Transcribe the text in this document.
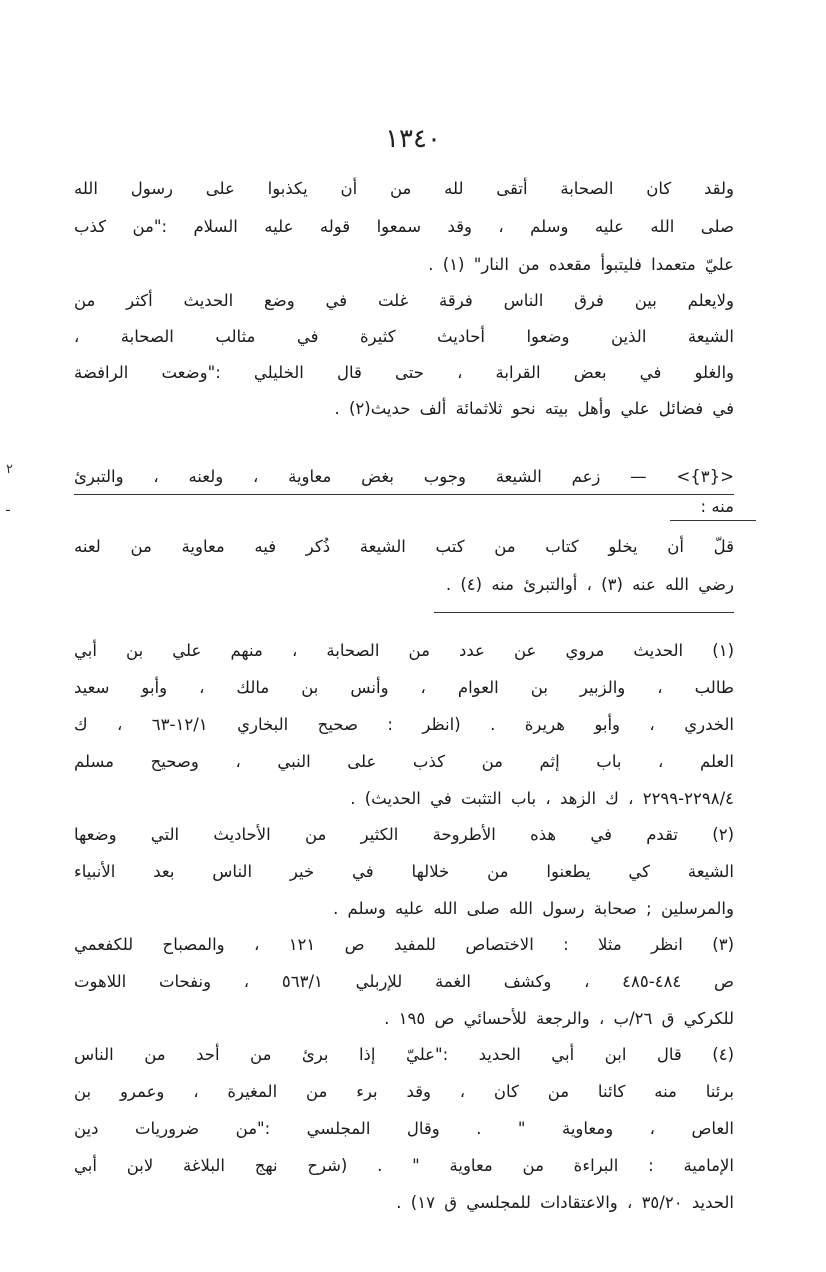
١٣٤٠
٢
ـ
ولقد كان الصحابة أتقى لله من أن يكذبوا على رسول الله
صلى الله عليه وسلم ، وقد سمعوا قوله عليه السلام :"من كذب
عليّ متعمدا فليتبوأ مقعده من النار" (١) .
ولايعلم بين فرق الناس فرقة غلت في وضع الحديث أكثر من
الشيعة الذين وضعوا أحاديث كثيرة في مثالب الصحابة ،
والغلو في بعض القرابة ، حتى قال الخليلي :"وضعت الرافضة
في فضائل علي وأهل بيته نحو ثلاثمائة ألف حديث(٢) .
<{٣}> — زعم الشيعة وجوب بغض معاوية ، ولعنه ، والتبرئ
منه :
قلّ أن يخلو كتاب من كتب الشيعة ذُكر فيه معاوية من لعنه
رضي الله عنه (٣) ، أوالتبرئ منه (٤) .
(١) الحديث مروي عن عدد من الصحابة ، منهم علي بن أبي
طالب ، والزبير بن العوام ، وأنس بن مالك ، وأبو سعيد
الخدري ، وأبو هريرة . (انظر : صحيح البخاري ١٢/١-٦٣ ، ك
العلم ، باب إثم من كذب على النبي ، وصحيح مسلم
٢٢٩٨/٤-٢٢٩٩ ، ك الزهد ، باب التثبت في الحديث) .
(٢) تقدم في هذه الأطروحة الكثير من الأحاديث التي وضعها
الشيعة كي يطعنوا من خلالها في خير الناس بعد الأنبياء
والمرسلين ; صحابة رسول الله صلى الله عليه وسلم .
(٣) انظر مثلا : الاختصاص للمفيد ص ١٢١ ، والمصباح للكفعمي
ص ٤٨٤-٤٨٥ ، وكشف الغمة للإربلي ٥٦٣/١ ، ونفحات اللاهوت
للكركي ق ٢٦/ب ، والرجعة للأحسائي ص ١٩٥ .
(٤) قال ابن أبي الحديد :"عليّ إذا برئ من أحد من الناس
برئنا منه كائنا من كان ، وقد برء من المغيرة ، وعمرو بن
العاص ، ومعاوية " . وقال المجلسي :"من ضروريات دين
الإمامية : البراءة من معاوية " . (شرح نهج البلاغة لابن أبي
الحديد ٣٥/٢٠ ، والاعتقادات للمجلسي ق ١٧) .
